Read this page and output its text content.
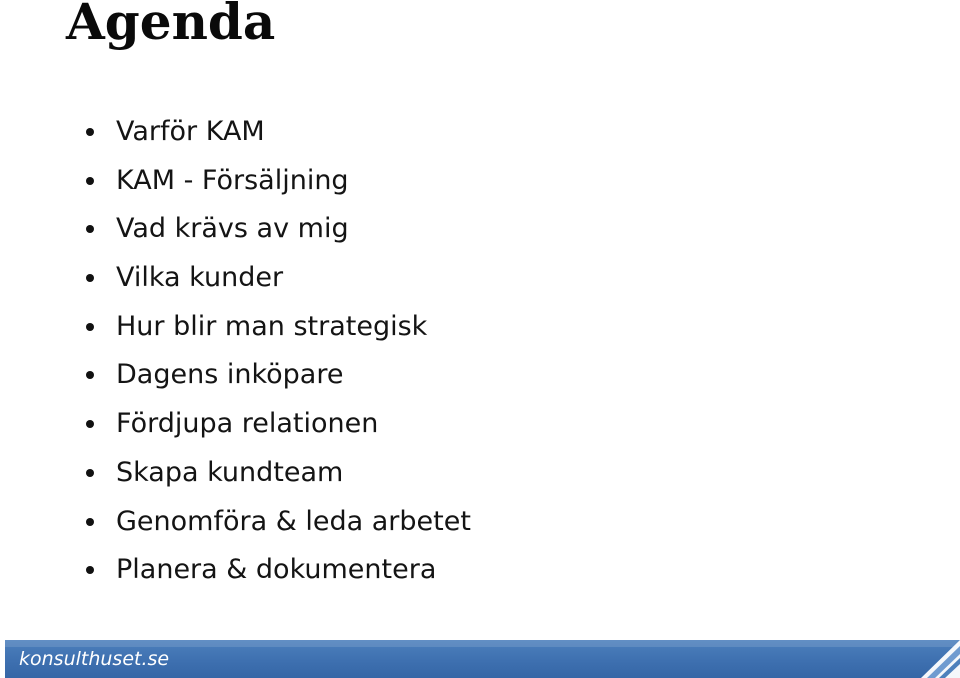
Agenda
Varför KAM
KAM - Försäljning
Vad krävs av mig
Vilka kunder
Hur blir man strategisk
Dagens inköpare
Fördjupa relationen
Skapa kundteam
Genomföra & leda arbetet
Planera & dokumentera
konsulthuset.se
